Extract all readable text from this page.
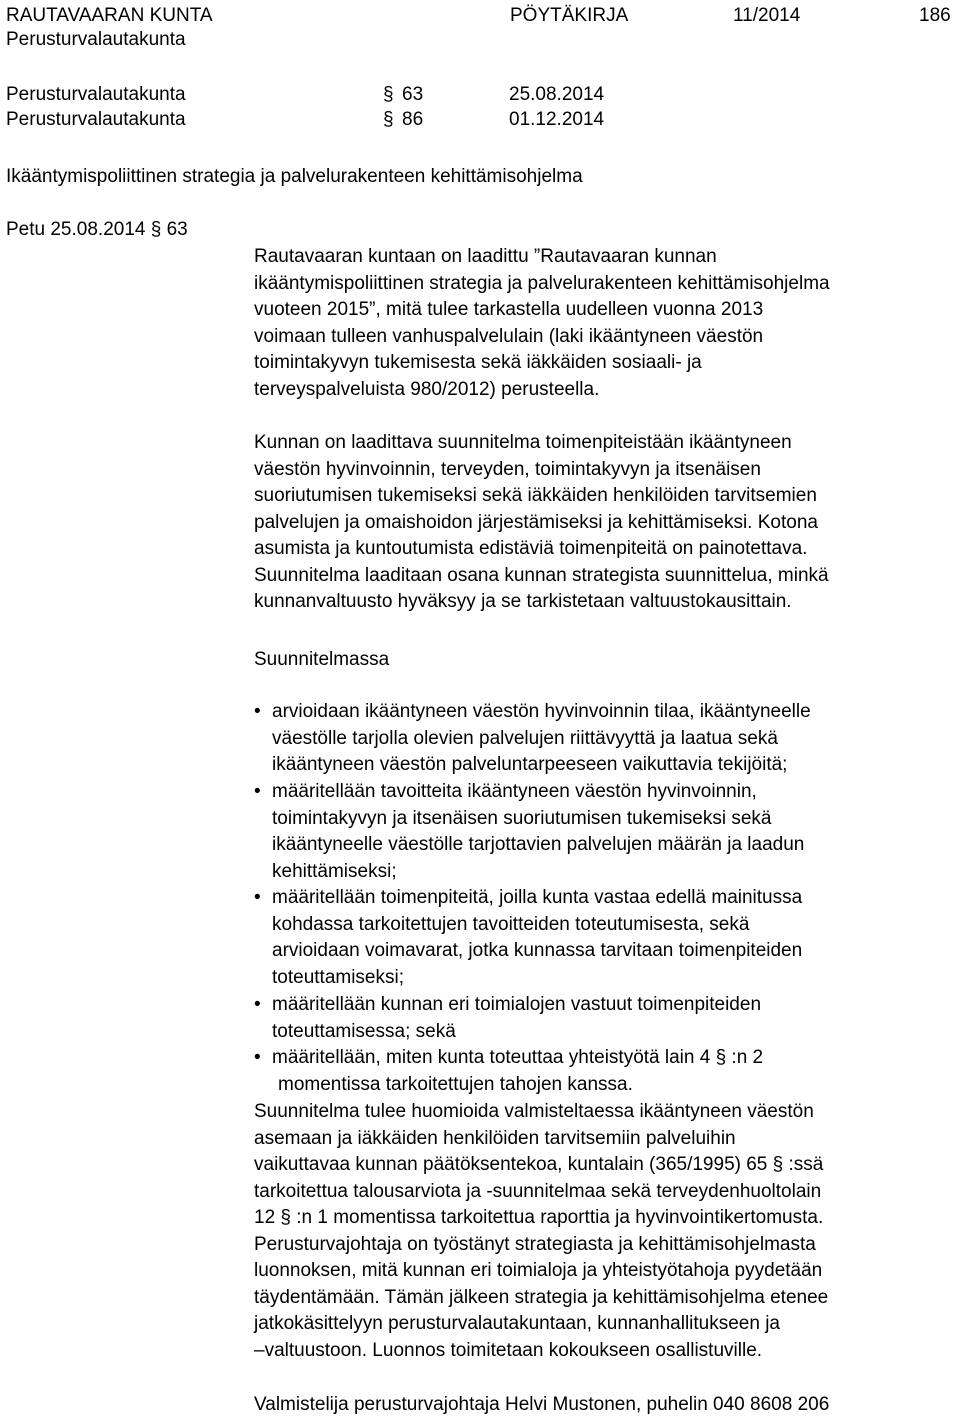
RAUTAVAARAN KUNTA	PÖYTÄKIRJA	11/2014	186
Perusturvalautakunta
Perusturvalautakunta	§ 63	25.08.2014
Perusturvalautakunta	§ 86	01.12.2014
Ikääntymispoliittinen strategia ja palvelurakenteen kehittämisohjelma
Petu 25.08.2014 § 63
Rautavaaran kuntaan on laadittu ”Rautavaaran kunnan
ikääntymispoliittinen strategia ja palvelurakenteen kehittämisohjelma
vuoteen 2015”, mitä tulee tarkastella uudelleen vuonna 2013
voimaan tulleen vanhuspalvelulain (laki ikääntyneen väestön
toimintakyvyn tukemisesta sekä iäkkäiden sosiaali- ja
terveyspalveluista 980/2012) perusteella.
Kunnan on laadittava suunnitelma toimenpiteistään ikääntyneen
väestön hyvinvoinnin, terveyden, toimintakyvyn ja itsenäisen
suoriutumisen tukemiseksi sekä iäkkäiden henkilöiden tarvitsemien
palvelujen ja omaishoidon järjestämiseksi ja kehittämiseksi. Kotona
asumista ja kuntoutumista edistäviä toimenpiteitä on painotettava.
Suunnitelma laaditaan osana kunnan strategista suunnittelua, minkä
kunnanvaltuusto hyväksyy ja se tarkistetaan valtuustokausittain.
Suunnitelmassa
• arvioidaan ikääntyneen väestön hyvinvoinnin tilaa, ikääntyneelle
väestölle tarjolla olevien palvelujen riittävyyttä ja laatua sekä
ikääntyneen väestön palveluntarpeeseen vaikuttavia tekijöitä;
• määritellään tavoitteita ikääntyneen väestön hyvinvoinnin,
toimintakyvyn ja itsenäisen suoriutumisen tukemiseksi sekä
ikääntyneelle väestölle tarjottavien palvelujen määrän ja laadun
kehittämiseksi;
• määritellään toimenpiteitä, joilla kunta vastaa edellä mainitussa
kohdassa tarkoitettujen tavoitteiden toteutumisesta, sekä
arvioidaan voimavarat, jotka kunnassa tarvitaan toimenpiteiden
toteuttamiseksi;
• määritellään kunnan eri toimialojen vastuut toimenpiteiden
toteuttamisessa; sekä
• määritellään, miten kunta toteuttaa yhteistyötä lain 4 § :n 2
momentissa tarkoitettujen tahojen kanssa.
Suunnitelma tulee huomioida valmisteltaessa ikääntyneen väestön
asemaan ja iäkkäiden henkilöiden tarvitsemiin palveluihin
vaikuttavaa kunnan päätöksentekoa, kuntalain (365/1995) 65 § :ssä
tarkoitettua talousarviota ja -suunnitelmaa sekä terveydenhuoltolain
12 § :n 1 momentissa tarkoitettua raporttia ja hyvinvointikertomusta.
Perusturvajohtaja on työstänyt strategiasta ja kehittämisohjelmasta
luonnoksen, mitä kunnan eri toimialoja ja yhteistyötahoja pyydetään
täydentämään. Tämän jälkeen strategia ja kehittämisohjelma etenee
jatkokäsittelyyn perusturvalautakuntaan, kunnanhallitukseen ja
–valtuustoon. Luonnos toimitetaan kokoukseen osallistuville.
Valmistelija perusturvajohtaja Helvi Mustonen, puhelin 040 8608 206
